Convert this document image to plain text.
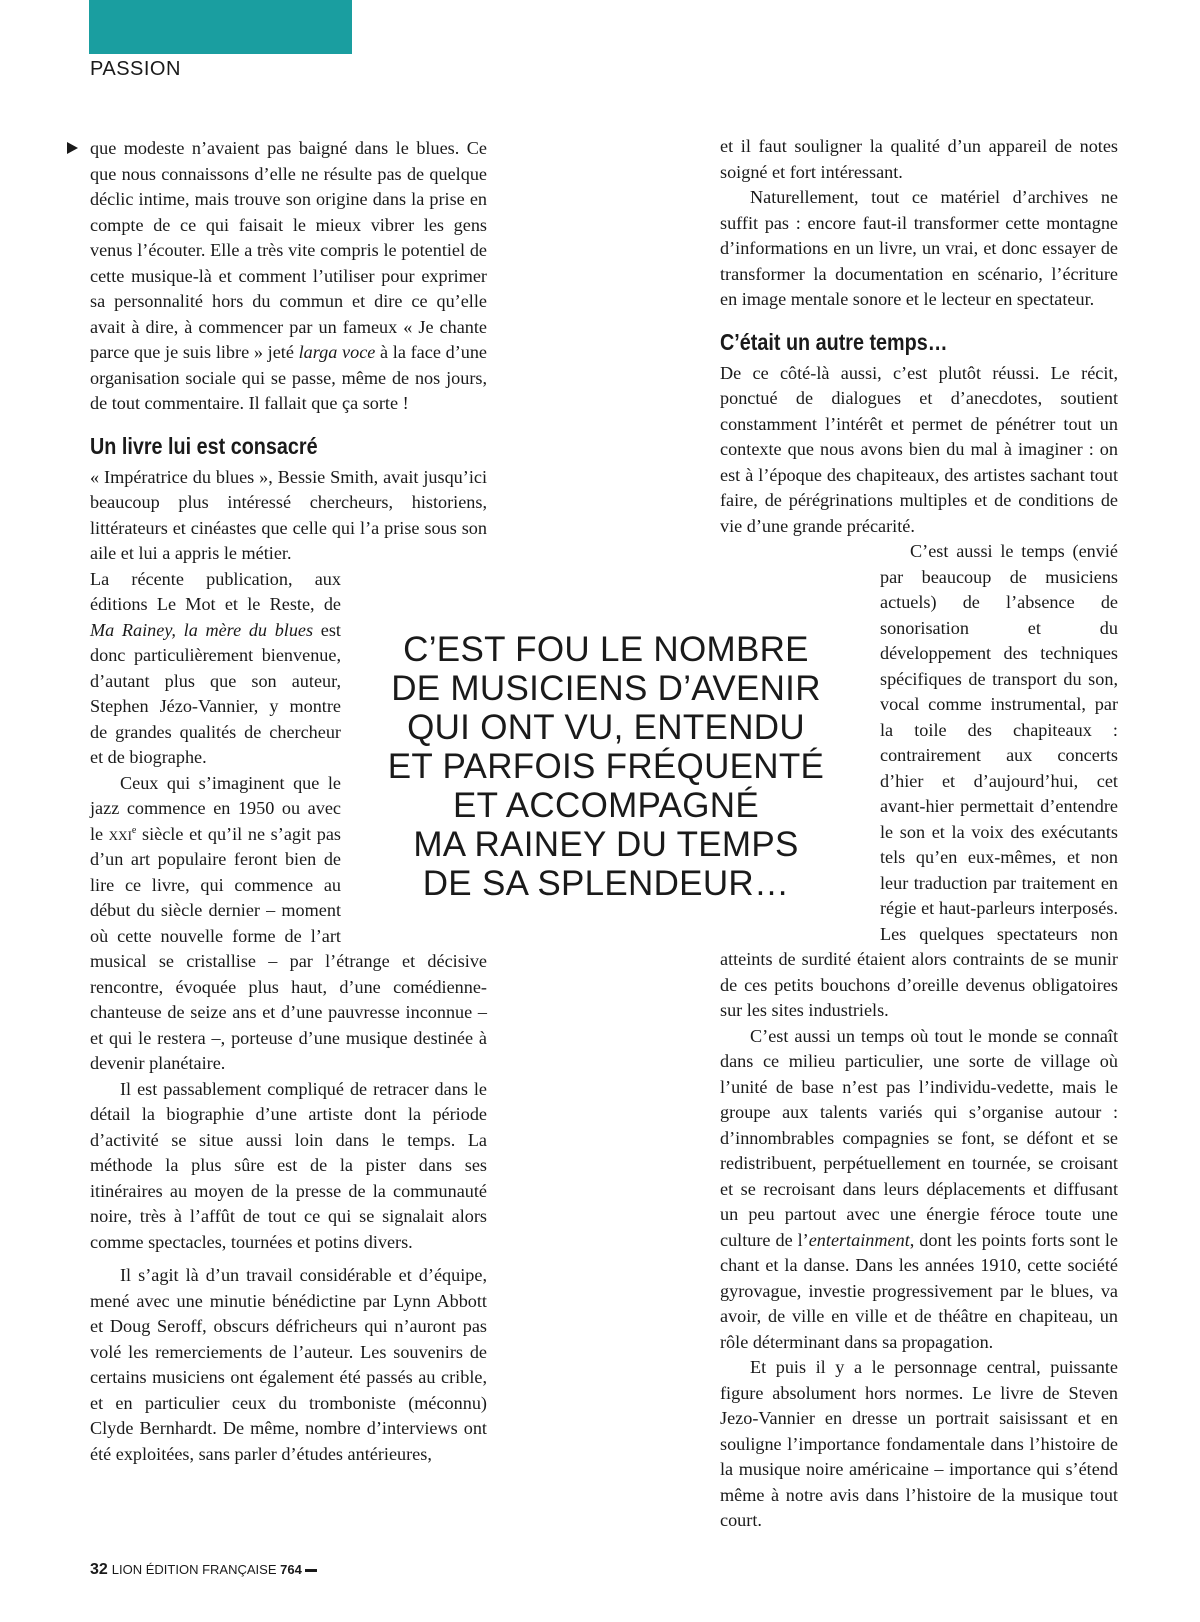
PASSION

que modeste n’avaient pas baigné dans le blues. Ce que nous connaissons d’elle ne résulte pas de quelque déclic intime, mais trouve son origine dans la prise en compte de ce qui faisait le mieux vibrer les gens venus l’écouter. Elle a très vite compris le potentiel de cette musique-là et comment l’utiliser pour exprimer sa personnalité hors du commun et dire ce qu’elle avait à dire, à commencer par un fameux « Je chante parce que je suis libre » jeté larga voce à la face d’une organisation sociale qui se passe, même de nos jours, de tout commentaire. Il fallait que ça sorte !

Un livre lui est consacré

« Impératrice du blues », Bessie Smith, avait jusqu’ici beaucoup plus intéressé chercheurs, historiens, littérateurs et cinéastes que celle qui l’a prise sous son aile et lui a appris le métier.

La récente publication, aux éditions Le Mot et le Reste, de Ma Rainey, la mère du blues est donc particulièrement bienvenue, d’autant plus que son auteur, Stephen Jézo-Vannier, y montre de grandes qualités de chercheur et de biographe.

Ceux qui s’imaginent que le jazz commence en 1950 ou avec le xxi$^e$ siècle et qu’il ne s’agit pas d’un art populaire feront bien de lire ce livre, qui commence au début du siècle dernier – moment où cette nouvelle forme de l’art musical se cristallise – par l’étrange et décisive rencontre, évoquée plus haut, d’une comédienne-chanteuse de seize ans et d’une pauvresse inconnue – et qui le restera –, porteuse d’une musique destinée à devenir planétaire.

Il est passablement compliqué de retracer dans le détail la biographie d’une artiste dont la période d’activité se situe aussi loin dans le temps. La méthode la plus sûre est de la pister dans ses itinéraires au moyen de la presse de la communauté noire, très à l’affût de tout ce qui se signalait alors comme spectacles, tournées et potins divers.

Il s’agit là d’un travail considérable et d’équipe, mené avec une minutie bénédictine par Lynn Abbott et Doug Seroff, obscurs défricheurs qui n’auront pas volé les remerciements de l’auteur. Les souvenirs de certains musiciens ont également été passés au crible, et en particulier ceux du tromboniste (méconnu) Clyde Bernhardt. De même, nombre d’interviews ont été exploitées, sans parler d’études antérieures,

et il faut souligner la qualité d’un appareil de notes soigné et fort intéressant.

Naturellement, tout ce matériel d’archives ne suffit pas : encore faut-il transformer cette montagne d’informations en un livre, un vrai, et donc essayer de transformer la documentation en scénario, l’écriture en image mentale sonore et le lecteur en spectateur.

C’était un autre temps…

De ce côté-là aussi, c’est plutôt réussi. Le récit, ponctué de dialogues et d’anecdotes, soutient constamment l’intérêt et permet de pénétrer tout un contexte que nous avons bien du mal à imaginer : on est à l’époque des chapiteaux, des artistes sachant tout faire, de pérégrinations multiples et de conditions de vie d’une grande précarité.

C’est aussi le temps (envié par beaucoup de musiciens actuels) de l’absence de sonorisation et du développement des techniques spécifiques de transport du son, vocal comme instrumental, par la toile des chapiteaux : contrairement aux concerts d’hier et d’aujourd’hui, cet avant-hier permettait d’entendre le son et la voix des exécutants tels qu’en eux-mêmes, et non leur traduction par traitement en régie et haut-parleurs interposés. Les quelques spectateurs non atteints de surdité étaient alors contraints de se munir de ces petits bouchons d’oreille devenus obligatoires sur les sites industriels.

C’est aussi un temps où tout le monde se connaît dans ce milieu particulier, une sorte de village où l’unité de base n’est pas l’individu-vedette, mais le groupe aux talents variés qui s’organise autour : d’innombrables compagnies se font, se défont et se redistribuent, perpétuellement en tournée, se croisant et se recroisant dans leurs déplacements et diffusant un peu partout avec une énergie féroce toute une culture de l’entertainment, dont les points forts sont le chant et la danse. Dans les années 1910, cette société gyrovague, investie progressivement par le blues, va avoir, de ville en ville et de théâtre en chapiteau, un rôle déterminant dans sa propagation.

Et puis il y a le personnage central, puissante figure absolument hors normes. Le livre de Steven Jezo-Vannier en dresse un portrait saisissant et en souligne l’importance fondamentale dans l’histoire de la musique noire américaine – importance qui s’étend même à notre avis dans l’histoire de la musique tout court.

C’EST FOU LE NOMBRE
DE MUSICIENS D’AVENIR
QUI ONT VU, ENTENDU
ET PARFOIS FRÉQUENTÉ
ET ACCOMPAGNÉ
MA RAINEY DU TEMPS
DE SA SPLENDEUR…
32 LION ÉDITION FRANÇAISE 764
